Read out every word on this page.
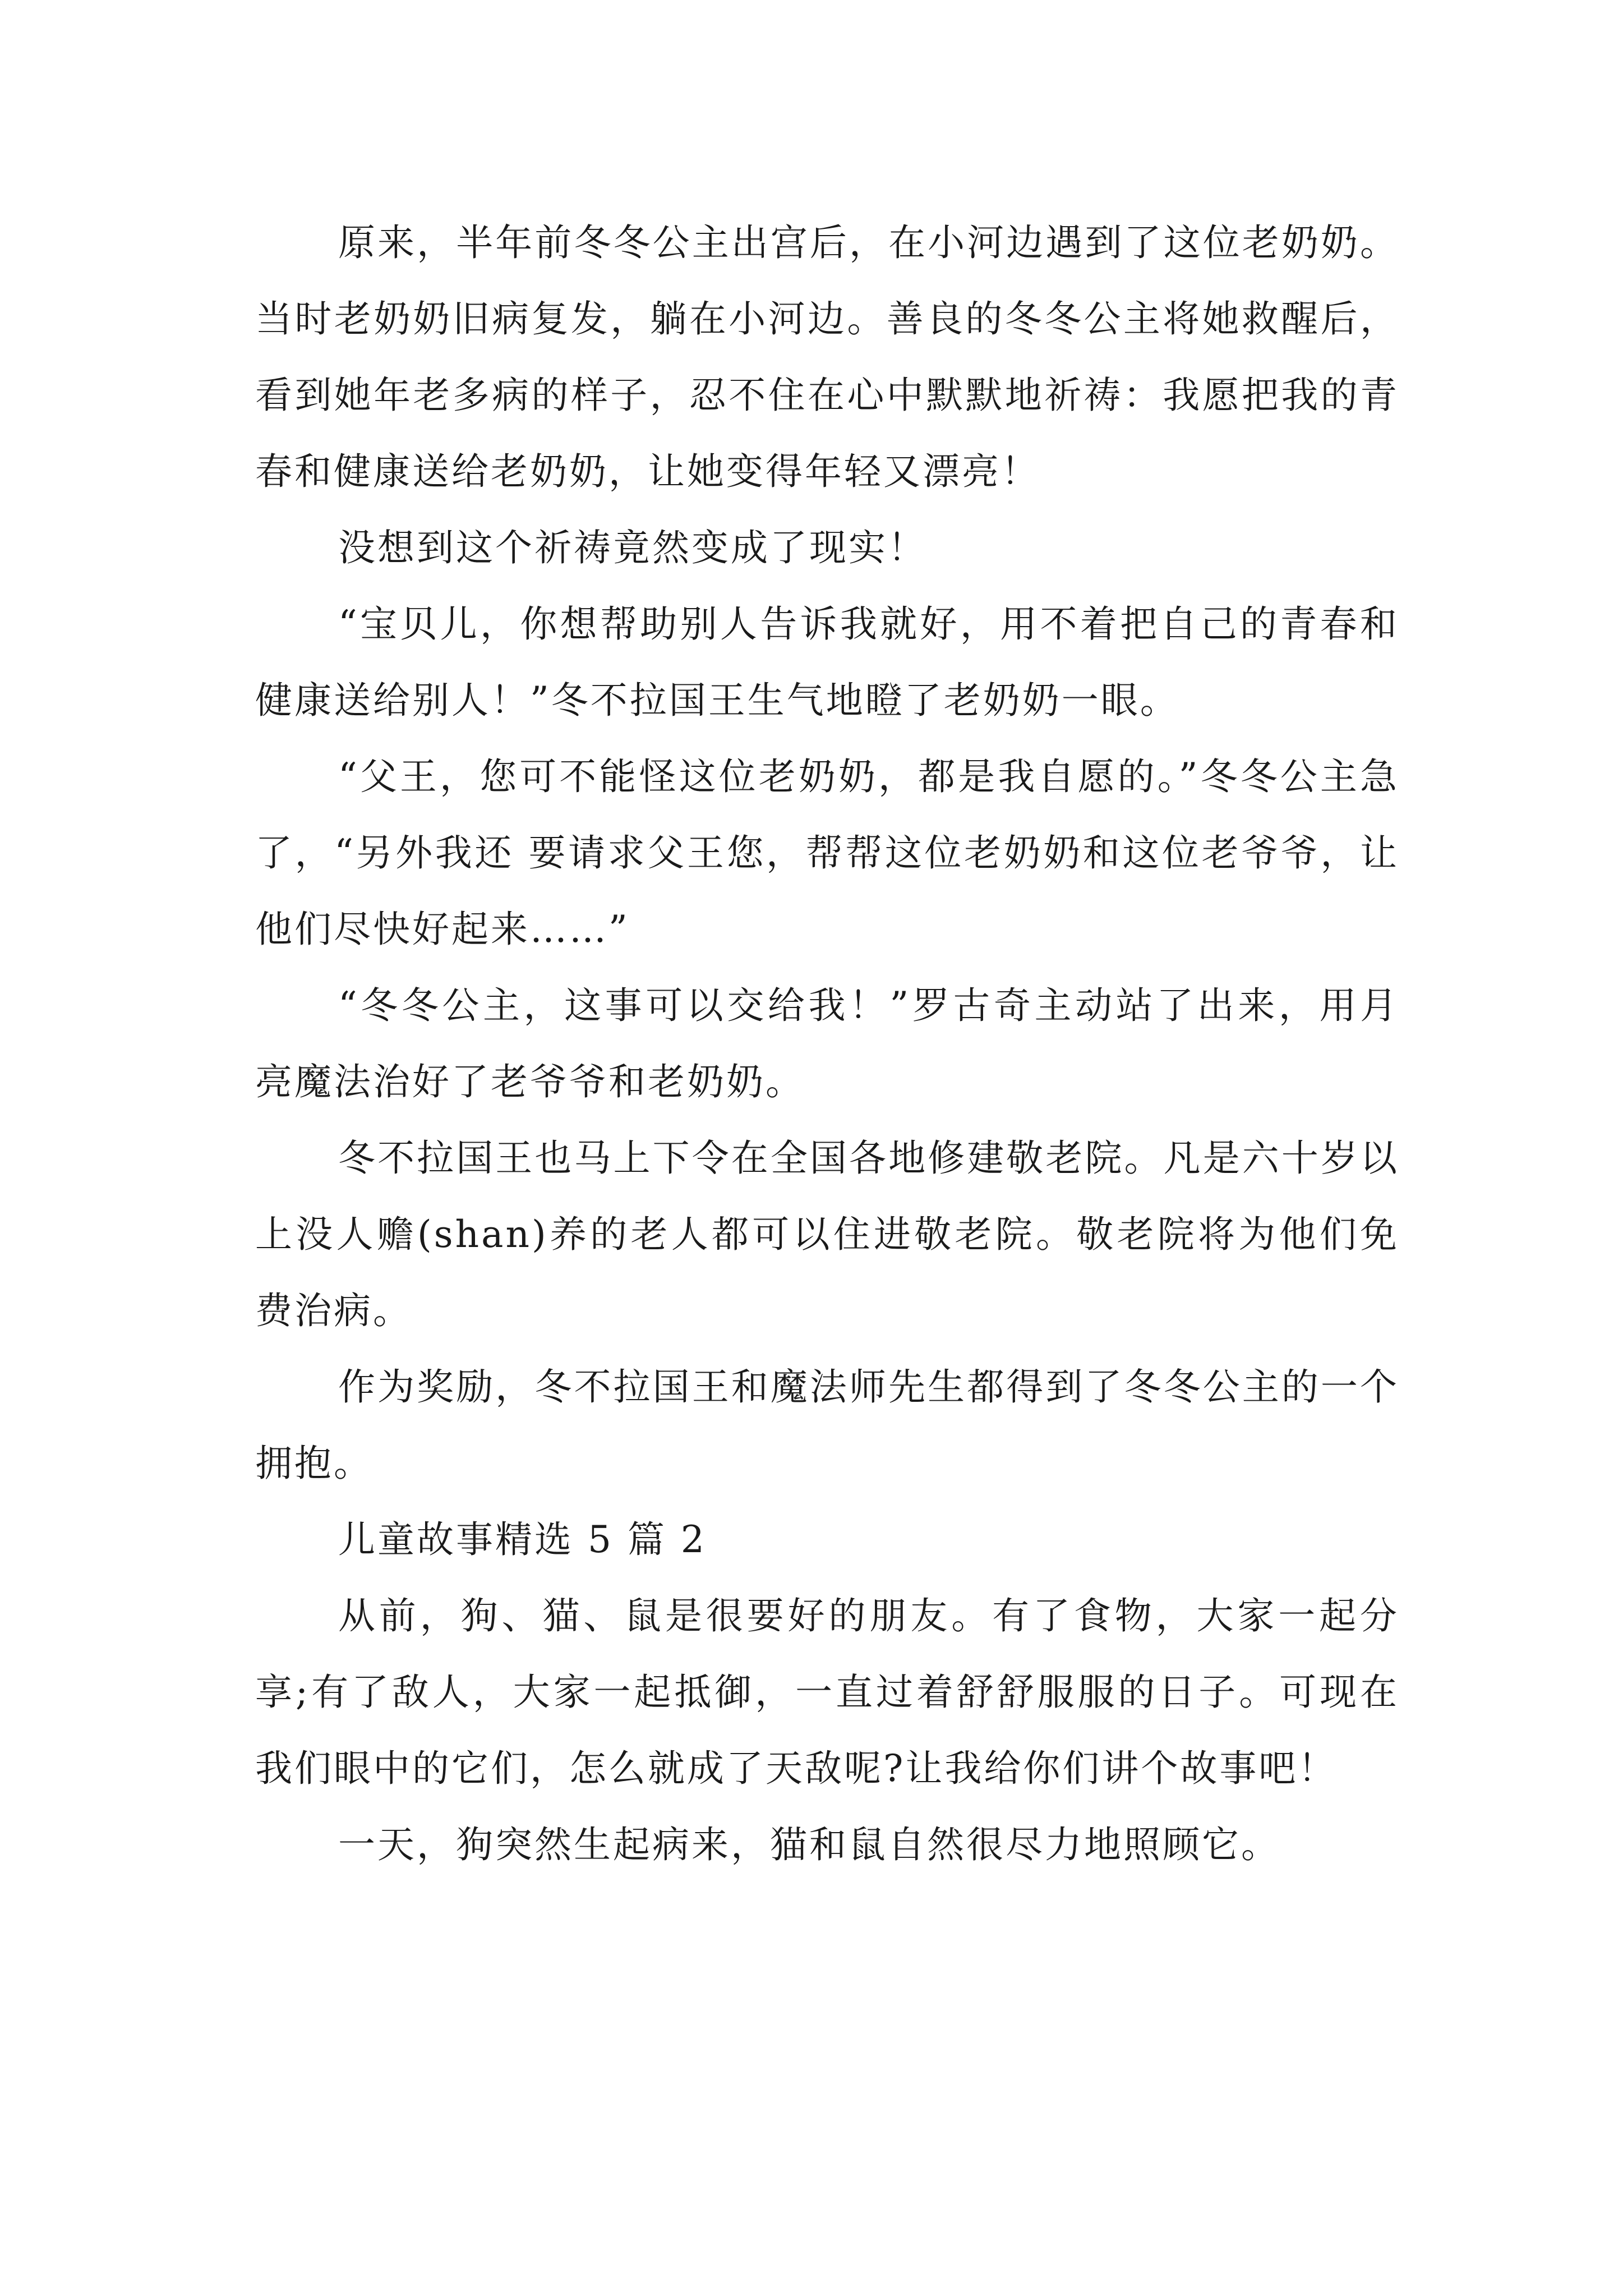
原来，半年前冬冬公主出宫后，在小河边遇到了这位老奶奶。当时老奶奶旧病复发，躺在小河边。善良的冬冬公主将她救醒后，看到她年老多病的样子，忍不住在心中默默地祈祷：我愿把我的青春和健康送给老奶奶，让她变得年轻又漂亮！

没想到这个祈祷竟然变成了现实！

“宝贝儿，你想帮助别人告诉我就好，用不着把自己的青春和健康送给别人！”冬不拉国王生气地瞪了老奶奶一眼。

“父王，您可不能怪这位老奶奶，都是我自愿的。”冬冬公主急了，“另外我还 要请求父王您，帮帮这位老奶奶和这位老爷爷，让他们尽快好起来……”

“冬冬公主，这事可以交给我！”罗古奇主动站了出来，用月亮魔法治好了老爷爷和老奶奶。

冬不拉国王也马上下令在全国各地修建敬老院。凡是六十岁以上没人赡(shan)养的老人都可以住进敬老院。敬老院将为他们免费治病。

作为奖励，冬不拉国王和魔法师先生都得到了冬冬公主的一个拥抱。

儿童故事精选 5 篇 2

从前，狗、猫、鼠是很要好的朋友。有了食物，大家一起分享;有了敌人，大家一起抵御，一直过着舒舒服服的日子。可现在我们眼中的它们，怎么就成了天敌呢?让我给你们讲个故事吧！

一天，狗突然生起病来，猫和鼠自然很尽力地照顾它。
